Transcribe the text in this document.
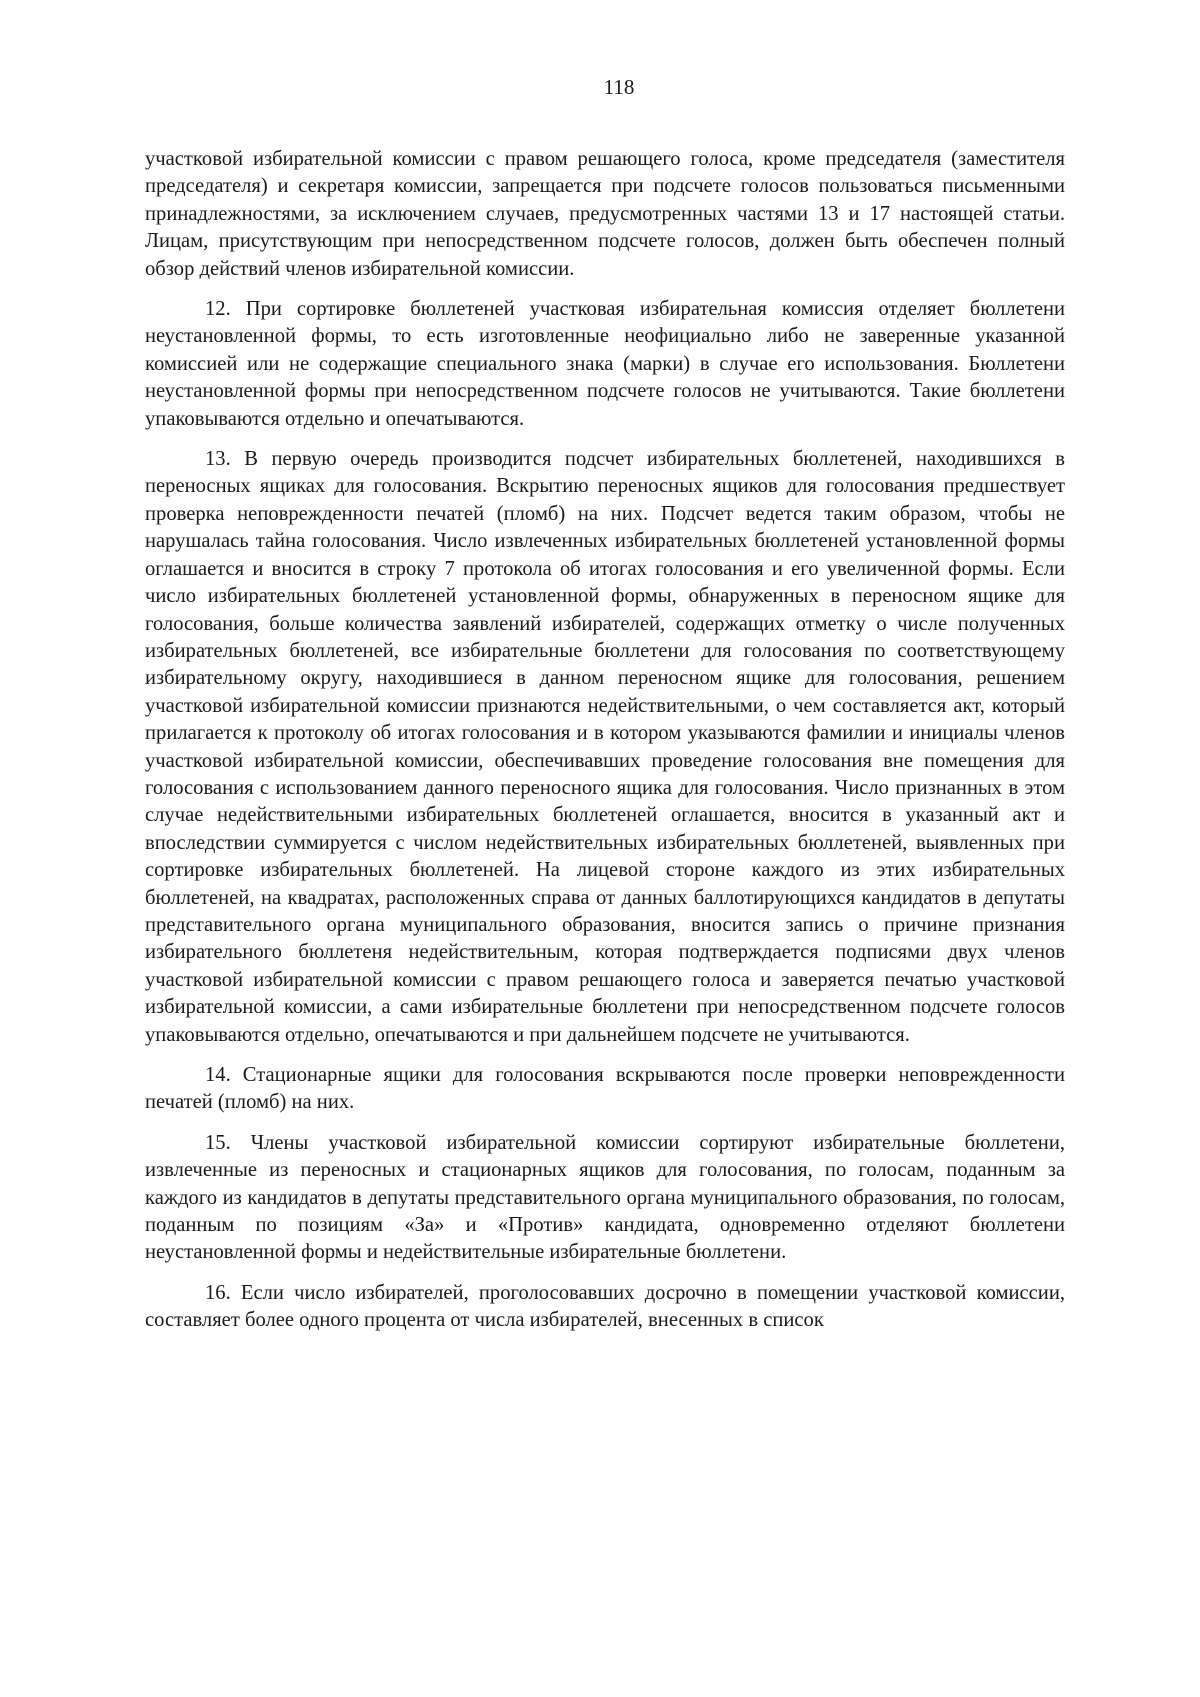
118

участковой избирательной комиссии с правом решающего голоса, кроме председателя (заместителя председателя) и секретаря комиссии, запрещается при подсчете голосов пользоваться письменными принадлежностями, за исключением случаев, предусмотренных частями 13 и 17 настоящей статьи. Лицам, присутствующим при непосредственном подсчете голосов, должен быть обеспечен полный обзор действий членов избирательной комиссии.

12. При сортировке бюллетеней участковая избирательная комиссия отделяет бюллетени неустановленной формы, то есть изготовленные неофициально либо не заверенные указанной комиссией или не содержащие специального знака (марки) в случае его использования. Бюллетени неустановленной формы при непосредственном подсчете голосов не учитываются. Такие бюллетени упаковываются отдельно и опечатываются.

13. В первую очередь производится подсчет избирательных бюллетеней, находившихся в переносных ящиках для голосования. Вскрытию переносных ящиков для голосования предшествует проверка неповрежденности печатей (пломб) на них. Подсчет ведется таким образом, чтобы не нарушалась тайна голосования. Число извлеченных избирательных бюллетеней установленной формы оглашается и вносится в строку 7 протокола об итогах голосования и его увеличенной формы. Если число избирательных бюллетеней установленной формы, обнаруженных в переносном ящике для голосования, больше количества заявлений избирателей, содержащих отметку о числе полученных избирательных бюллетеней, все избирательные бюллетени для голосования по соответствующему избирательному округу, находившиеся в данном переносном ящике для голосования, решением участковой избирательной комиссии признаются недействительными, о чем составляется акт, который прилагается к протоколу об итогах голосования и в котором указываются фамилии и инициалы членов участковой избирательной комиссии, обеспечивавших проведение голосования вне помещения для голосования с использованием данного переносного ящика для голосования. Число признанных в этом случае недействительными избирательных бюллетеней оглашается, вносится в указанный акт и впоследствии суммируется с числом недействительных избирательных бюллетеней, выявленных при сортировке избирательных бюллетеней. На лицевой стороне каждого из этих избирательных бюллетеней, на квадратах, расположенных справа от данных баллотирующихся кандидатов в депутаты представительного органа муниципального образования, вносится запись о причине признания избирательного бюллетеня недействительным, которая подтверждается подписями двух членов участковой избирательной комиссии с правом решающего голоса и заверяется печатью участковой избирательной комиссии, а сами избирательные бюллетени при непосредственном подсчете голосов упаковываются отдельно, опечатываются и при дальнейшем подсчете не учитываются.

14. Стационарные ящики для голосования вскрываются после проверки неповрежденности печатей (пломб) на них.

15. Члены участковой избирательной комиссии сортируют избирательные бюллетени, извлеченные из переносных и стационарных ящиков для голосования, по голосам, поданным за каждого из кандидатов в депутаты представительного органа муниципального образования, по голосам, поданным по позициям «За» и «Против» кандидата, одновременно отделяют бюллетени неустановленной формы и недействительные избирательные бюллетени.

16. Если число избирателей, проголосовавших досрочно в помещении участковой комиссии, составляет более одного процента от числа избирателей, внесенных в список
